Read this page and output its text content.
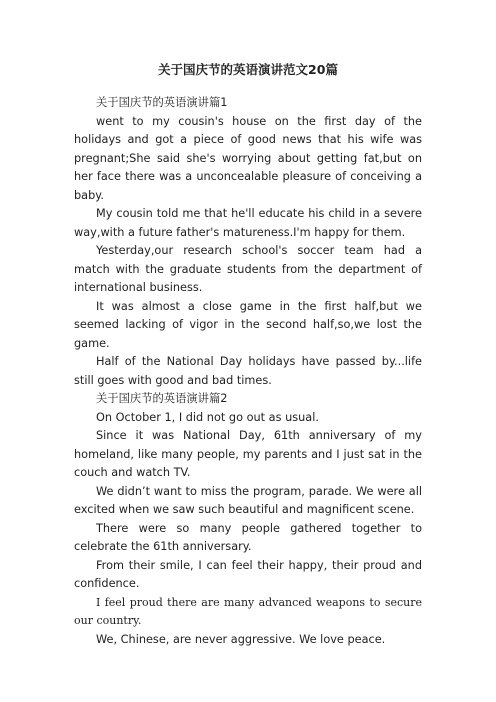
关于国庆节的英语演讲范文20篇

关于国庆节的英语演讲篇1

went to my cousin's house on the first day of the holidays and got a piece of good news that his wife was pregnant;She said she's worrying about getting fat,but on her face there was a unconcealable pleasure of conceiving a baby.

My cousin told me that he'll educate his child in a severe way,with a future father's matureness.I'm happy for them.

Yesterday,our research school's soccer team had a match with the graduate students from the department of international business.

It was almost a close game in the first half,but we seemed lacking of vigor in the second half,so,we lost the game.

Half of the National Day holidays have passed by...life still goes with good and bad times.

关于国庆节的英语演讲篇2

On October 1, I did not go out as usual.

Since it was National Day, 61th anniversary of my homeland, like many people, my parents and I just sat in the couch and watch TV.

We didn’t want to miss the program, parade. We were all excited when we saw such beautiful and magnificent scene.

There were so many people gathered together to celebrate the 61th anniversary.

From their smile, I can feel their happy, their proud and confidence.

I feel proud there are many advanced weapons to secure our country.

We, Chinese, are never aggressive. We love peace.
